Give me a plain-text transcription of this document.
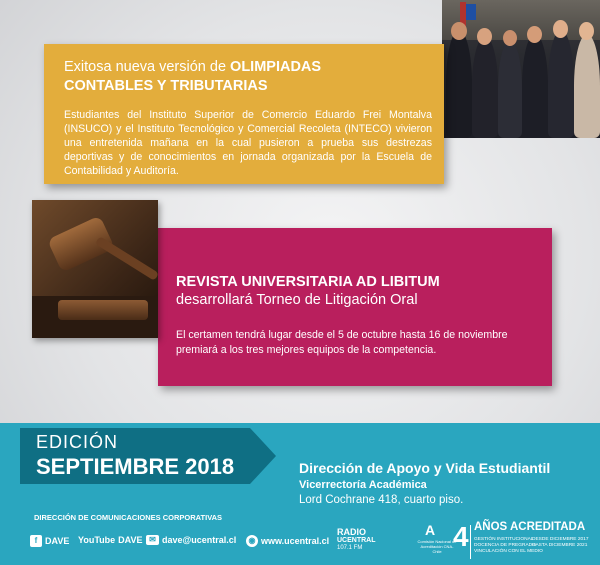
Exitosa nueva versión de OLIMPIADAS
CONTABLES Y TRIBUTARIAS
Estudiantes del Instituto Superior de Comercio Eduardo Frei Montalva (INSUCO) y el Instituto Tecnológico y Comercial Recoleta (INTECO) vivieron una entretenida mañana en la cual pusieron a prueba sus destrezas deportivas y de conocimientos en jornada organizada por la Escuela de Contabilidad y Auditoría.
REVISTA UNIVERSITARIA AD LIBITUM
desarrollará Torneo de Litigación Oral
El certamen tendrá lugar desde el 5 de octubre hasta 16 de noviembre premiará a los tres mejores equipos de la competencia.
EDICIÓN
SEPTIEMBRE 2018	Dirección de Apoyo y Vida Estudiantil
Vicerrectoría Académica
Lord Cochrane 418, cuarto piso.
DIRECCIÓN DE COMUNICACIONES CORPORATIVAS
f DAVE YouTube DAVE ✉ dave@ucentral.cl	◉ www.ucentral.cl
RADIO
UCENTRAL
107.1 FM
A
Comisión Nacional de Acreditación CNA-Chile 4 AÑOS ACREDITADA
GESTIÓN INSTITUCIONAL
DOCENCIA DE PREGRADO
VINCULACIÓN CON EL MEDIO
DESDE DICIEMBRE 2017
HASTA DICIEMBRE 2021
